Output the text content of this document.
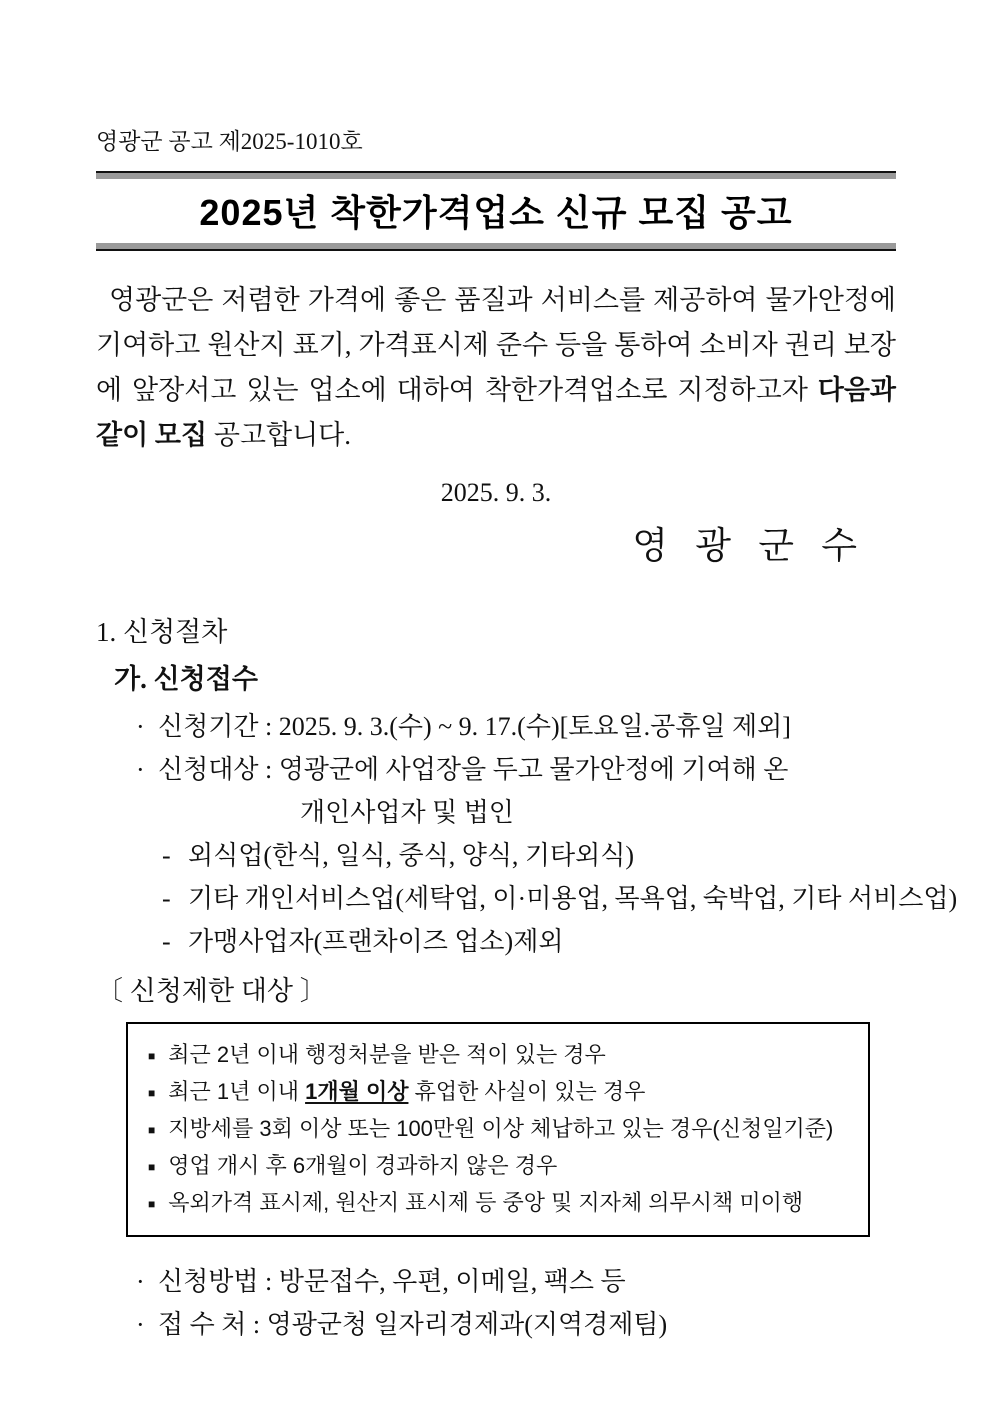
영광군 공고 제2025-1010호
2025년 착한가격업소 신규 모집 공고
영광군은 저렴한 가격에 좋은 품질과 서비스를 제공하여 물가안정에 기여하고 원산지 표기, 가격표시제 준수 등을 통하여 소비자 권리 보장에 앞장서고 있는 업소에 대하여 착한가격업소로 지정하고자 다음과 같이 모집 공고합니다.
2025. 9. 3.
영 광 군 수
1. 신청절차
가. 신청접수
· 신청기간 : 2025. 9. 3.(수) ~ 9. 17.(수)[토요일.공휴일 제외]
· 신청대상 : 영광군에 사업장을 두고 물가안정에 기여해 온
개인사업자 및 법인
- 외식업(한식, 일식, 중식, 양식, 기타외식)
- 기타 개인서비스업(세탁업, 이·미용업, 목욕업, 숙박업, 기타 서비스업)
- 가맹사업자(프랜차이즈 업소)제외
〔 신청제한 대상 〕
■ 최근 2년 이내 행정처분을 받은 적이 있는 경우
■ 최근 1년 이내 1개월 이상 휴업한 사실이 있는 경우
■ 지방세를 3회 이상 또는 100만원 이상 체납하고 있는 경우(신청일기준)
■ 영업 개시 후 6개월이 경과하지 않은 경우
■ 옥외가격 표시제, 원산지 표시제 등 중앙 및 지자체 의무시책 미이행
· 신청방법 : 방문접수, 우편, 이메일, 팩스 등
· 접 수 처 : 영광군청 일자리경제과(지역경제팀)
